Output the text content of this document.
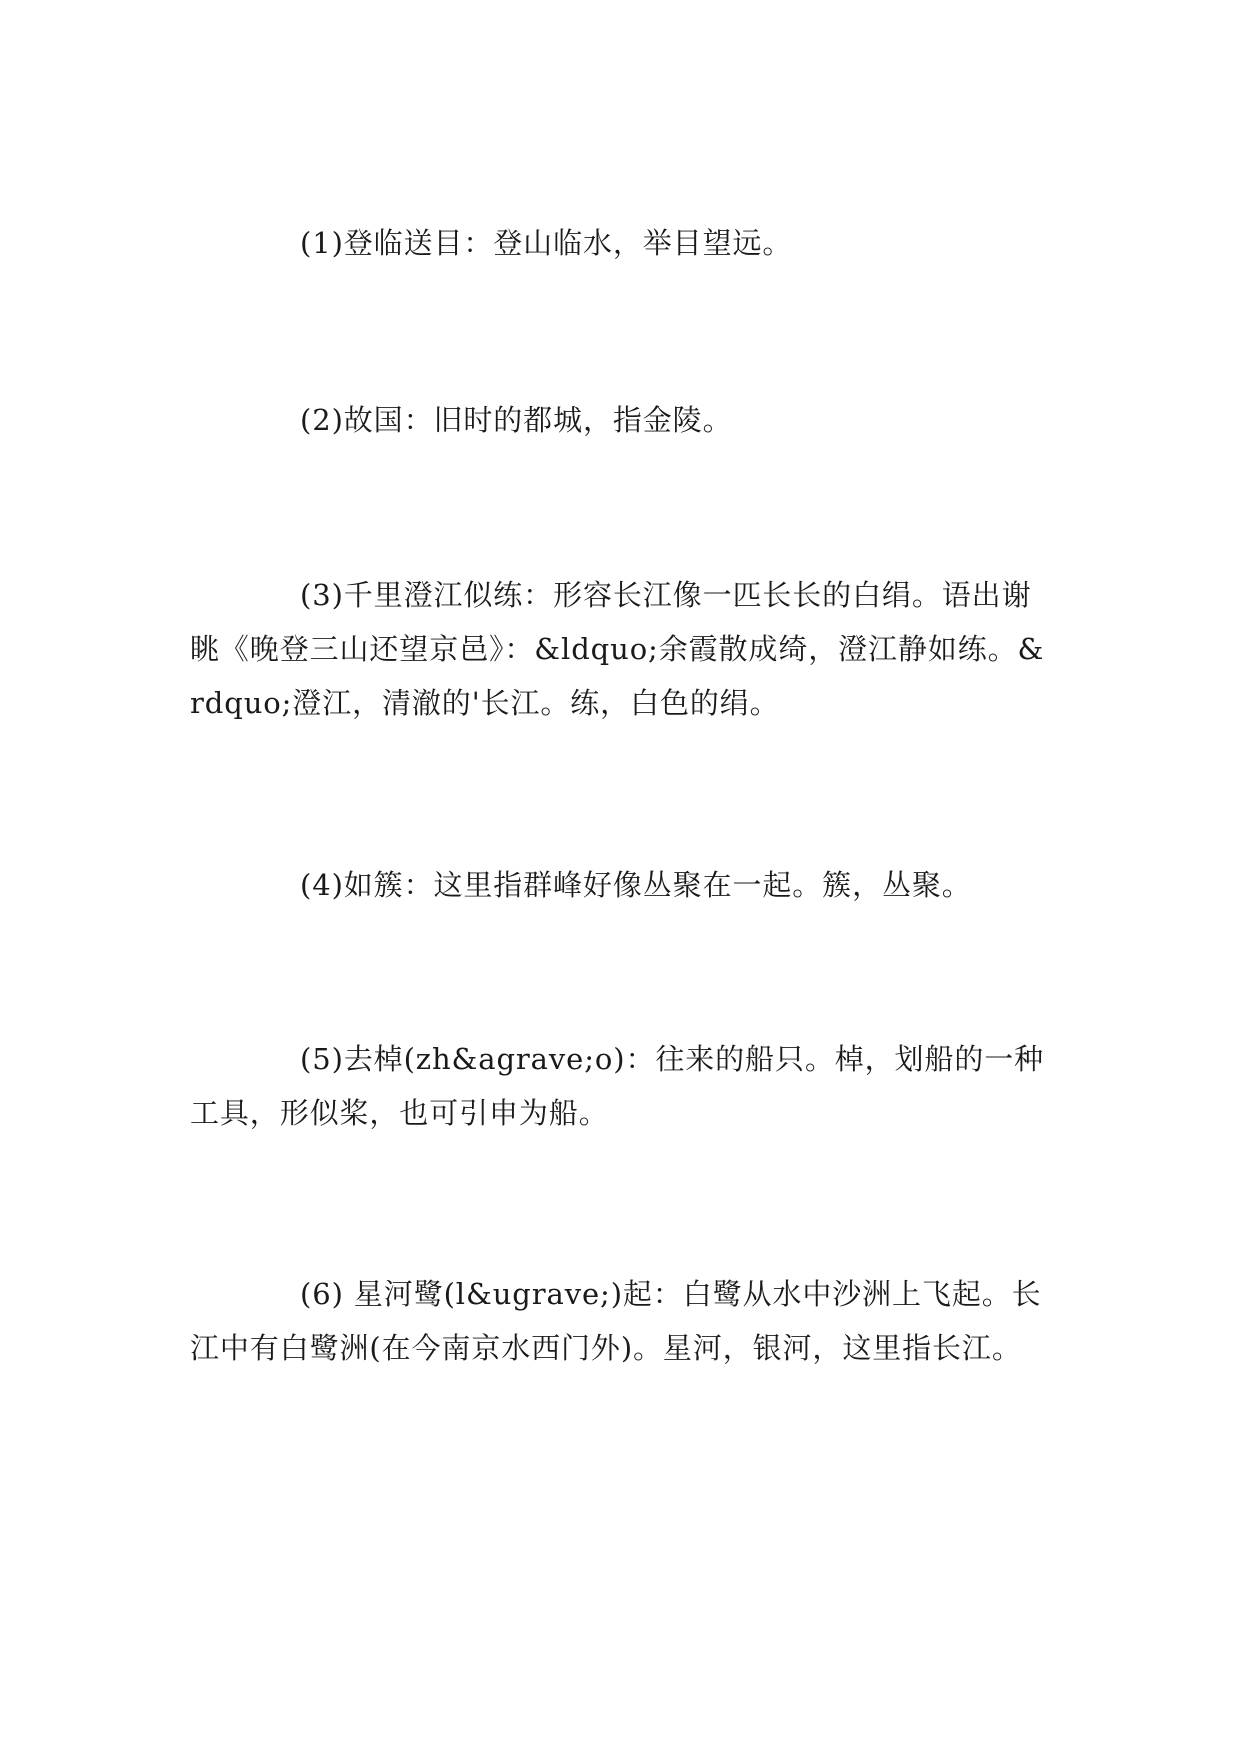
(1)登临送目：登山临水，举目望远。

(2)故国：旧时的都城，指金陵。

(3)千里澄江似练：形容长江像一匹长长的白绢。语出谢眺《晚登三山还望京邑》：&ldquo;余霞散成绮，澄江静如练。&rdquo;澄江，清澈的'长江。练，白色的绢。

(4)如簇：这里指群峰好像丛聚在一起。簇，丛聚。

(5)去棹(zh&agrave;o)：往来的船只。棹，划船的一种工具，形似桨，也可引申为船。

(6) 星河鹭(l&ugrave;)起：白鹭从水中沙洲上飞起。长江中有白鹭洲(在今南京水西门外)。星河，银河，这里指长江。
